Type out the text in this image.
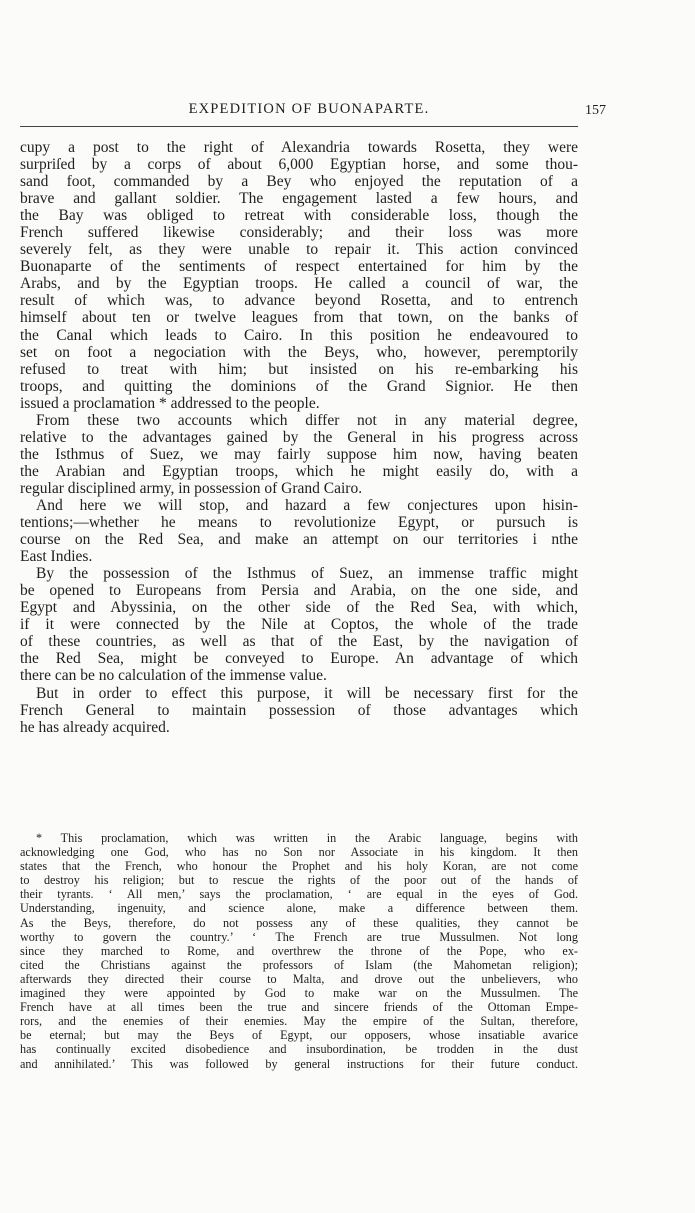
EXPEDITION OF BUONAPARTE.	157
cupy a post to the right of Alexandria towards Rosetta, they were
surpriſed by a corps of about 6,000 Egyptian horse, and some thou-
sand foot, commanded by a Bey who enjoyed the reputation of a
brave and gallant soldier. The engagement lasted a few hours, and
the Bay was obliged to retreat with considerable loss, though the
French suffered likewise considerably; and their loss was more
severely felt, as they were unable to repair it. This action convinced
Buonaparte of the sentiments of respect entertained for him by the
Arabs, and by the Egyptian troops. He called a council of war, the
result of which was, to advance beyond Rosetta, and to entrench
himself about ten or twelve leagues from that town, on the banks of
the Canal which leads to Cairo. In this position he endeavoured to
set on foot a negociation with the Beys, who, however, peremptorily
refused to treat with him; but insisted on his re-embarking his
troops, and quitting the dominions of the Grand Signior. He then
issued a proclamation * addressed to the people.
From these two accounts which differ not in any material degree,
relative to the advantages gained by the General in his progress across
the Isthmus of Suez, we may fairly suppose him now, having beaten
the Arabian and Egyptian troops, which he might easily do, with a
regular disciplined army, in possession of Grand Cairo.
And here we will stop, and hazard a few conjectures upon hisin-
tentions;—whether he means to revolutionize Egypt, or pursuch is
course on the Red Sea, and make an attempt on our territories i nthe
East Indies.
By the possession of the Isthmus of Suez, an immense traffic might
be opened to Europeans from Persia and Arabia, on the one side, and
Egypt and Abyssinia, on the other side of the Red Sea, with which,
if it were connected by the Nile at Coptos, the whole of the trade
of these countries, as well as that of the East, by the navigation of
the Red Sea, might be conveyed to Europe. An advantage of which
there can be no calculation of the immense value.
But in order to effect this purpose, it will be necessary first for the
French General to maintain possession of those advantages which
he has already acquired.
* This proclamation, which was written in the Arabic language, begins with
acknowledging one God, who has no Son nor Associate in his kingdom. It then
states that the French, who honour the Prophet and his holy Koran, are not come
to destroy his religion; but to rescue the rights of the poor out of the hands of
their tyrants. ‘ All men,’ says the proclamation, ‘ are equal in the eyes of God.
Understanding, ingenuity, and science alone, make a difference between them.
As the Beys, therefore, do not possess any of these qualities, they cannot be
worthy to govern the country.’ ‘ The French are true Mussulmen. Not long
since they marched to Rome, and overthrew the throne of the Pope, who ex-
cited the Christians against the professors of Islam (the Mahometan religion);
afterwards they directed their course to Malta, and drove out the unbelievers, who
imagined they were appointed by God to make war on the Mussulmen. The
French have at all times been the true and sincere friends of the Ottoman Empe-
rors, and the enemies of their enemies. May the empire of the Sultan, therefore,
be eternal; but may the Beys of Egypt, our opposers, whose insatiable avarice
has continually excited disobedience and insubordination, be trodden in the dust
and annihilated.’ This was followed by general instructions for their future conduct.
